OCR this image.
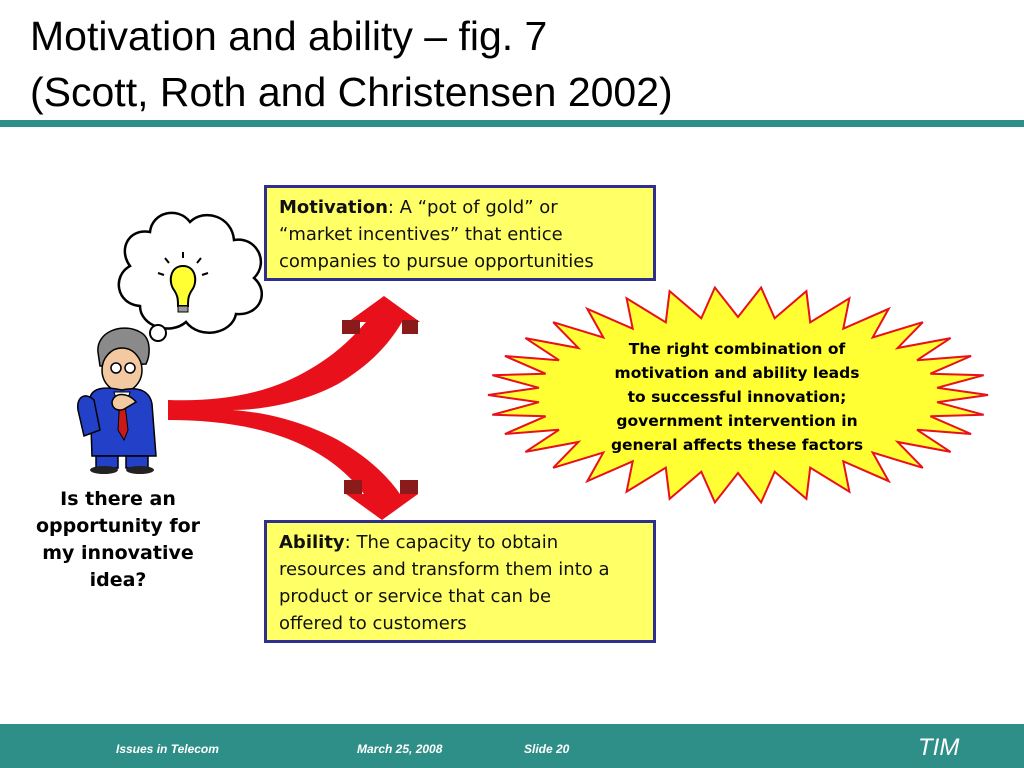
Motivation and ability – fig. 7
(Scott, Roth and Christensen 2002)
Motivation: A “pot of gold” or
“market incentives” that entice
companies to pursue opportunities
Ability: The capacity to obtain
resources and transform them into a
product or service that can be
offered to customers
The right combination of
motivation and ability leads
to successful innovation;
government intervention in
general affects these factors
Is there an
opportunity for
my innovative
idea?
Issues in Telecom	March 25, 2008	Slide 20	TIM
